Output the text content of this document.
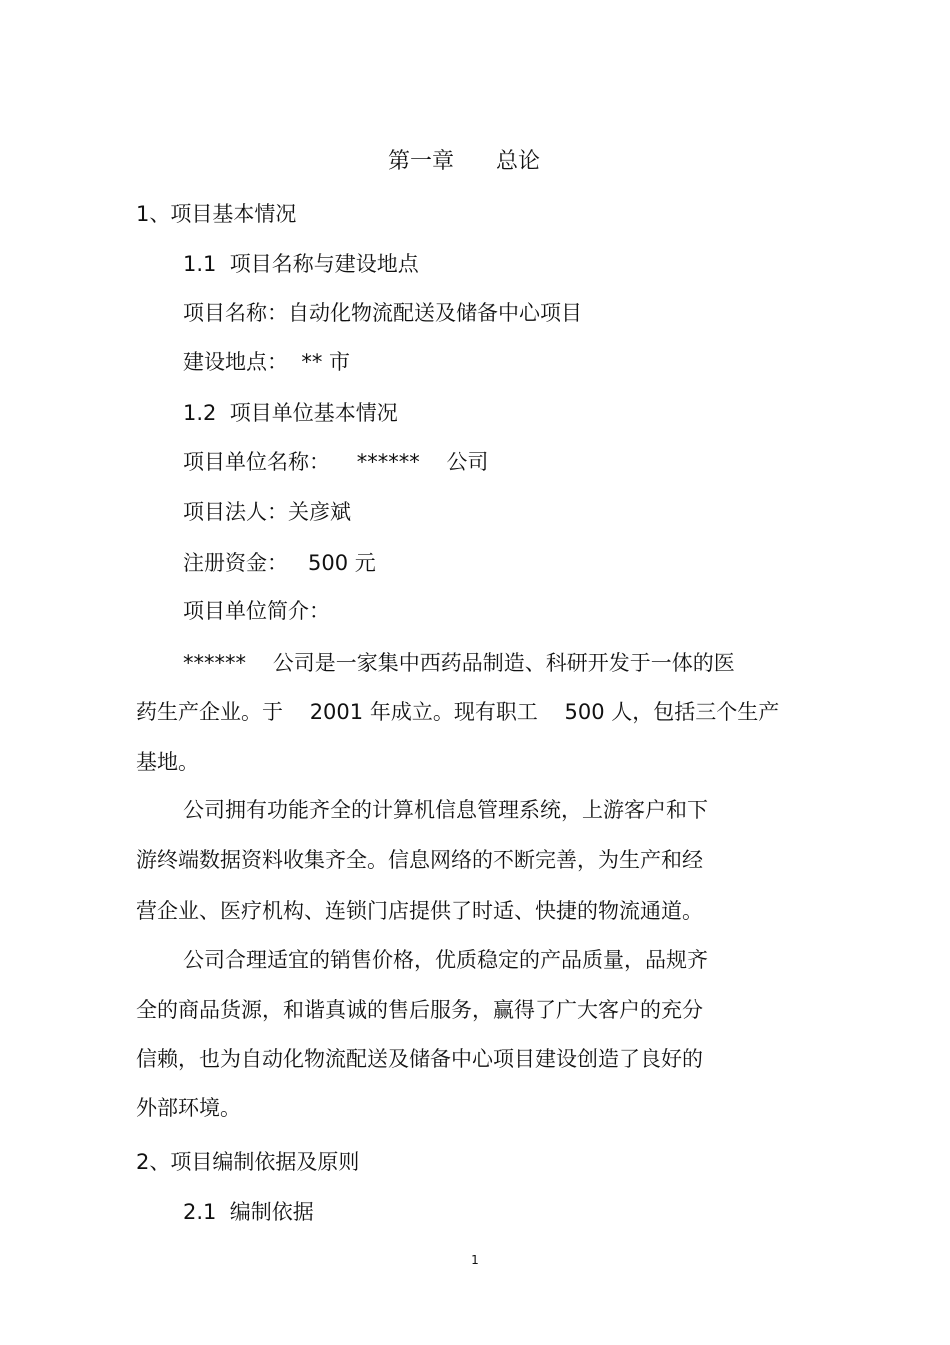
第一章      总论

1、项目基本情况

1.1  项目名称与建设地点

项目名称：自动化物流配送及储备中心项目

建设地点：  ** 市

1.2  项目单位基本情况

项目单位名称：    ******    公司

项目法人：关彦斌

注册资金：   500 元

项目单位简介：

******    公司是一家集中西药品制造、科研开发于一体的医

药生产企业。于    2001 年成立。现有职工    500 人，包括三个生产

基地。

公司拥有功能齐全的计算机信息管理系统，上游客户和下

游终端数据资料收集齐全。信息网络的不断完善，为生产和经

营企业、医疗机构、连锁门店提供了时适、快捷的物流通道。

公司合理适宜的销售价格，优质稳定的产品质量，品规齐

全的商品货源，和谐真诚的售后服务，赢得了广大客户的充分

信赖，也为自动化物流配送及储备中心项目建设创造了良好的

外部环境。

2、项目编制依据及原则

2.1  编制依据

1
